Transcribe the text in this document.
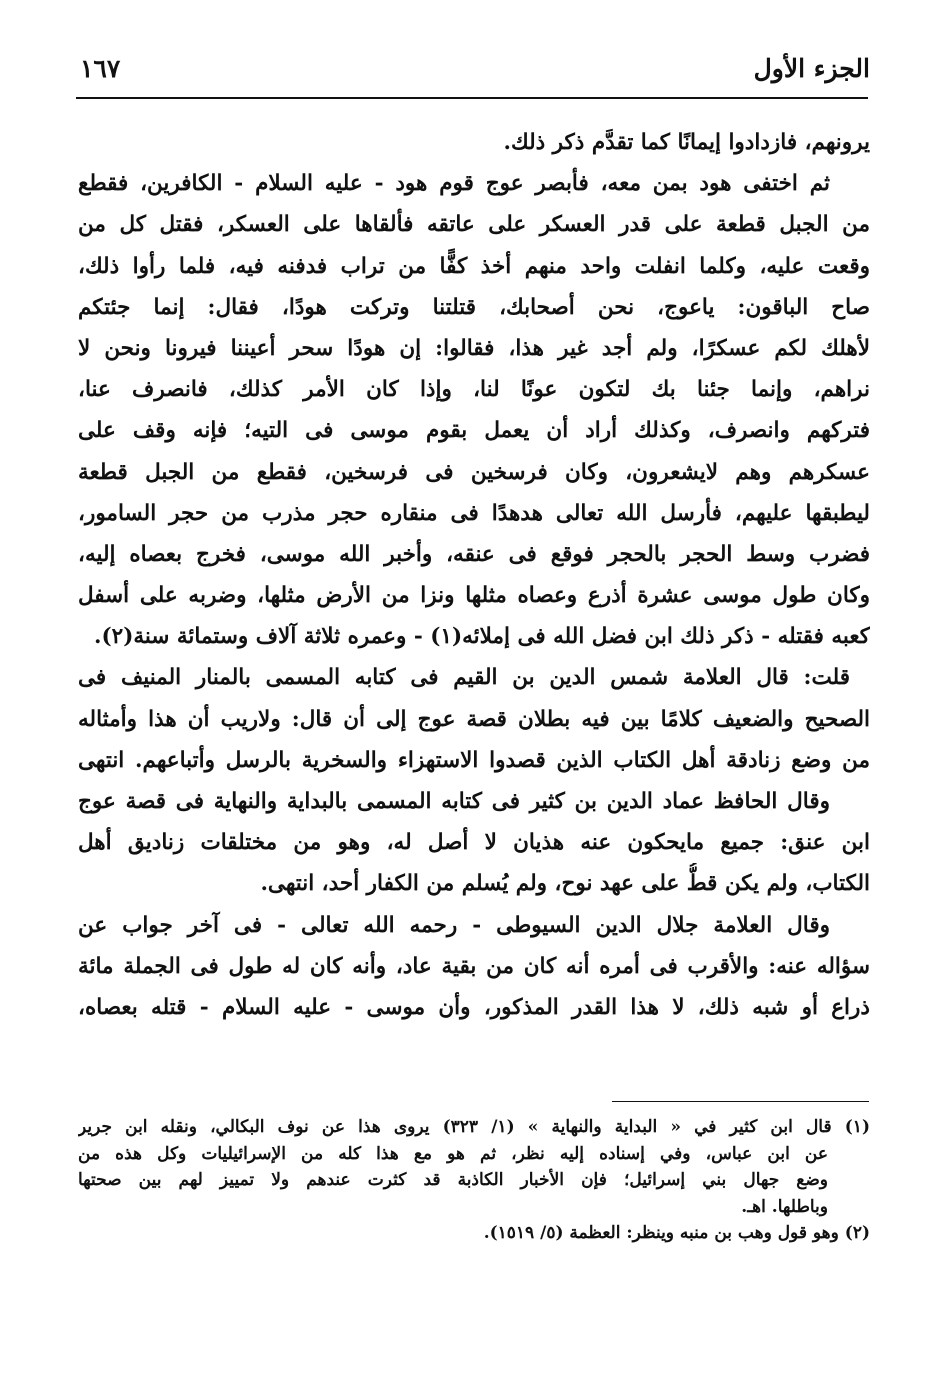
الجزء الأول
١٦٧
يرونهم، فازدادوا إيمانًا كما تقدَّم ذكر ذلك.
ثم اختفى هود بمن معه، فأبصر عوج قوم هود - عليه السلام - الكافرين، فقطع
من الجبل قطعة على قدر العسكر على عاتقه فألقاها على العسكر، فقتل كل من
وقعت عليه، وكلما انفلت واحد منهم أخذ كفًّا من تراب فدفنه فيه، فلما رأوا ذلك،
صاح الباقون: ياعوج، نحن أصحابك، قتلتنا وتركت هودًا، فقال: إنما جئتكم
لأهلك لكم عسكرًا، ولم أجد غير هذا، فقالوا: إن هودًا سحر أعيننا فيرونا ونحن لا
نراهم، وإنما جئنا بك لتكون عونًا لنا، وإذا كان الأمر كذلك، فانصرف عنا،
فتركهم وانصرف، وكذلك أراد أن يعمل بقوم موسى فى التيه؛ فإنه وقف على
عسكرهم وهم لايشعرون، وكان فرسخين فى فرسخين، فقطع من الجبل قطعة
ليطبقها عليهم، فأرسل الله تعالى هدهدًا فى منقاره حجر مذرب من حجر السامور،
فضرب وسط الحجر بالحجر فوقع فى عنقه، وأخبر الله موسى، فخرج بعصاه إليه،
وكان طول موسى عشرة أذرع وعصاه مثلها ونزا من الأرض مثلها، وضربه على أسفل
كعبه فقتله - ذكر ذلك ابن فضل الله فى إملائه(١) - وعمره ثلاثة آلاف وستمائة سنة(٢).
قلت: قال العلامة شمس الدين بن القيم فى كتابه المسمى بالمنار المنيف فى
الصحيح والضعيف كلامًا بين فيه بطلان قصة عوج إلى أن قال: ولاريب أن هذا وأمثاله
من وضع زنادقة أهل الكتاب الذين قصدوا الاستهزاء والسخرية بالرسل وأتباعهم. انتهى
وقال الحافظ عماد الدين بن كثير فى كتابه المسمى بالبداية والنهاية فى قصة عوج
ابن عنق: جميع مايحكون عنه هذيان لا أصل له، وهو من مختلقات زناديق أهل
الكتاب، ولم يكن قطُّ على عهد نوح، ولم يُسلم من الكفار أحد، انتهى.
وقال العلامة جلال الدين السيوطى - رحمه الله تعالى - فى آخر جواب عن
سؤاله عنه: والأقرب فى أمره أنه كان من بقية عاد، وأنه كان له طول فى الجملة مائة
ذراع أو شبه ذلك، لا هذا القدر المذكور، وأن موسى - عليه السلام - قتله بعصاه،
(١) قال ابن كثير في « البداية والنهاية » (١/ ٣٢٣) يروى هذا عن نوف البكالي، ونقله ابن جرير
عن ابن عباس، وفي إسناده إليه نظر، ثم هو مع هذا كله من الإسرائيليات وكل هذه من
وضع جهال بني إسرائيل؛ فإن الأخبار الكاذبة قد كثرت عندهم ولا تمييز لهم بين صحتها
وباطلها. اهـ.
(٢) وهو قول وهب بن منبه وينظر: العظمة (٥/ ١٥١٩).
